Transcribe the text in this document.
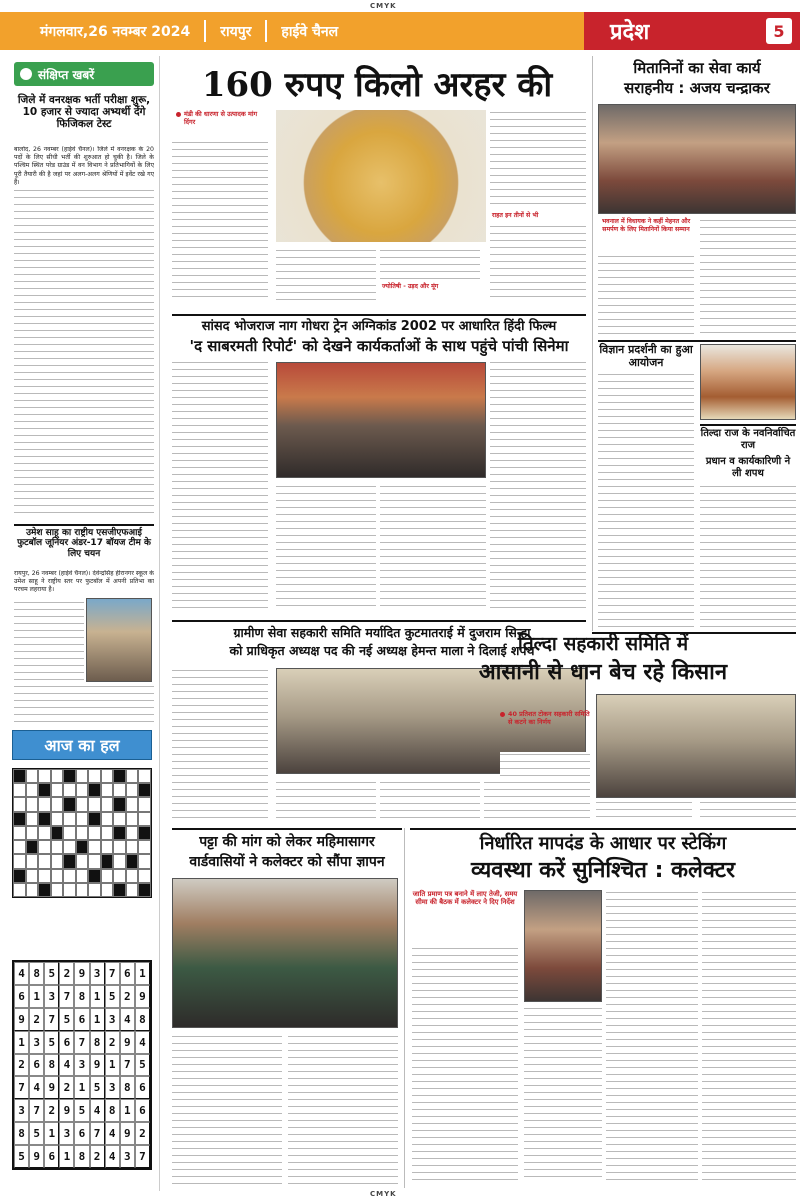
CMYK
CMYK
मंगलवार,26 नवम्बर 2024 रायपुर हाईवे चैनल	प्रदेश	5
संक्षिप्त खबरें
जिले में वनरक्षक भर्ती परीक्षा शुरू, 10 हजार से ज्यादा अभ्यर्थी देंगे फिजिकल टेस्ट
बालोद, 26 नवम्बर (हाईवे चैनल)। जिले में वनरक्षक के 20 पदों के लिए सीधी भर्ती की शुरुआत हो चुकी है। जिले के पश्चिम स्थित परेड ग्राउंड में वन विभाग ने प्रतिभागियों के लिए पूरी तैयारी की है जहां पर अलग-अलग श्रेणियों में इवेंट रखे गए हैं।
उमेश साहू का राष्ट्रीय एसजीएफआई फुटबॉल जूनियर अंडर-17 बॉयज टीम के लिए चयन
रायपुर, 26 नवम्बर (हाईवे चैनल)। देवेन्द्रसिंह हीरानगर स्कूल के उमेश साहू ने राष्ट्रीय स्तर पर फुटबॉल में अपनी प्रतिभा का परचम लहराया है।
आज का हल
4 8 5 2 9 3 7 6 1
6 1 3 7 8 1 5 2 9
9 2 7 5 6 1 3 4 8
1 3 5 6 7 8 2 9 4
2 6 8 4 3 9 1 7 5
7 4 9 2 1 5 3 8 6
3 7 2 9 5 4 8 1 6
8 5 1 3 6 7 4 9 2
5 9 6 1 8 2 4 3 7
160 रुपए किलो अरहर की
मंडी की धारणा से उत्पादक मांग दिंगर
ज्योतिषी - उड़द और मूंग
राहत इन तीनों से भी
सांसद भोजराज नाग गोधरा ट्रेन अग्निकांड 2002 पर आधारित हिंदी फिल्म
'द साबरमती रिपोर्ट' को देखने कार्यकर्ताओं के साथ पहुंचे पांची सिनेमा
ग्रामीण सेवा सहकारी समिति मर्यादित कुटमातराई में दुजराम सिन्हा
को प्राधिकृत अध्यक्ष पद की नई अध्यक्ष हेमन्त माला ने दिलाई शपथ
पट्टा की मांग को लेकर महिमासागर
वार्डवासियों ने कलेक्टर को सौंपा ज्ञापन
मितानिनों का सेवा कार्य
सराहनीय : अजय चन्द्राकर
भवनाल में विधायक ने कहीं मेहनत और समर्पण के लिए मितानिनों किया सम्मान
विज्ञान प्रदर्शनी का हुआ आयोजन
तिल्दा राज के नवनिर्वाचित राज
प्रधान व कार्यकारिणी ने ली शपथ
तिल्दा सहकारी समिति में
आसानी से धान बेच रहे किसान
40 प्रतिशत टोकन सहकारी समिति से कटने का निर्णय
निर्धारित मापदंड के आधार पर स्टेकिंग
व्यवस्था करें सुनिश्चित : कलेक्टर
जाति प्रमाण पत्र बनाने में लाए तेजी, समय सीमा की बैठक में कलेक्टर ने दिए निर्देश
